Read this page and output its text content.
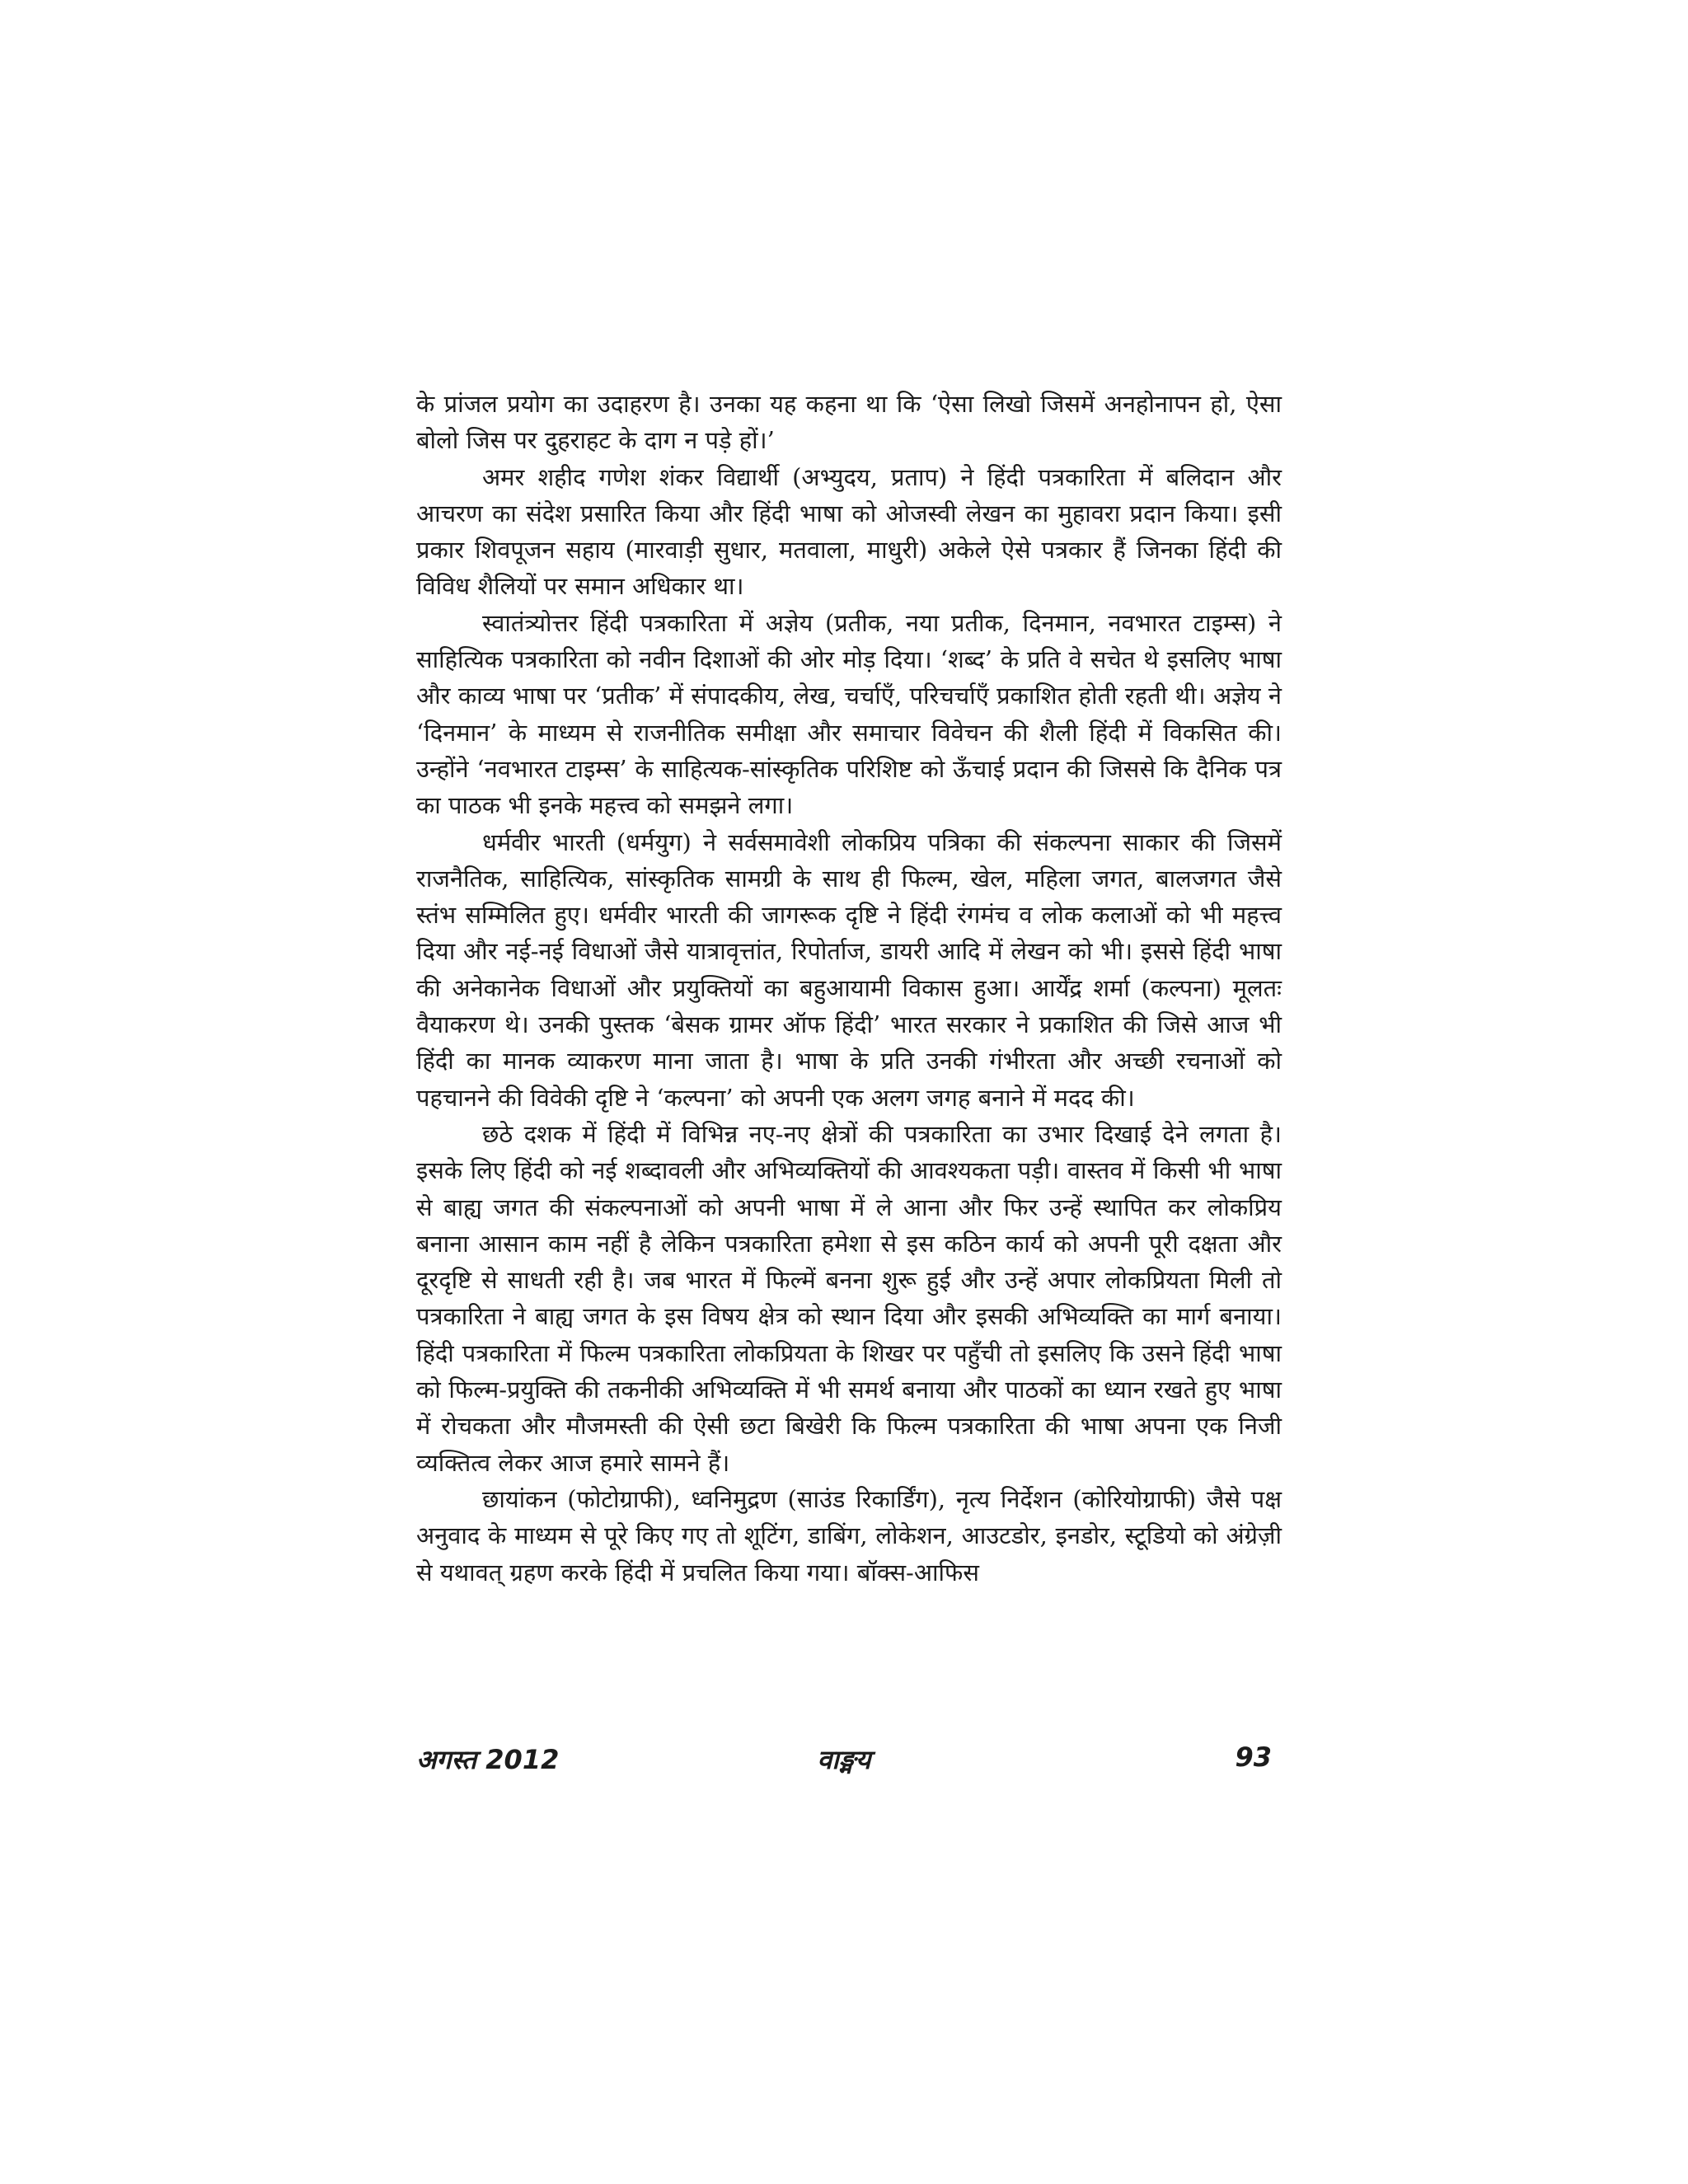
के प्रांजल प्रयोग का उदाहरण है। उनका यह कहना था कि ‘ऐसा लिखो जिसमें अनहोनापन हो, ऐसा बोलो जिस पर दुहराहट के दाग न पड़े हों।’

अमर शहीद गणेश शंकर विद्यार्थी (अभ्युदय, प्रताप) ने हिंदी पत्रकारिता में बलिदान और आचरण का संदेश प्रसारित किया और हिंदी भाषा को ओजस्वी लेखन का मुहावरा प्रदान किया। इसी प्रकार शिवपूजन सहाय (मारवाड़ी सुधार, मतवाला, माधुरी) अकेले ऐसे पत्रकार हैं जिनका हिंदी की विविध शैलियों पर समान अधिकार था।

स्वातंत्र्योत्तर हिंदी पत्रकारिता में अज्ञेय (प्रतीक, नया प्रतीक, दिनमान, नवभारत टाइम्स) ने साहित्यिक पत्रकारिता को नवीन दिशाओं की ओर मोड़ दिया। ‘शब्द’ के प्रति वे सचेत थे इसलिए भाषा और काव्य भाषा पर ‘प्रतीक’ में संपादकीय, लेख, चर्चाएँ, परिचर्चाएँ प्रकाशित होती रहती थी। अज्ञेय ने ‘दिनमान’ के माध्यम से राजनीतिक समीक्षा और समाचार विवेचन की शैली हिंदी में विकसित की। उन्होंने ‘नवभारत टाइम्स’ के साहित्यक-सांस्कृतिक परिशिष्ट को ऊँचाई प्रदान की जिससे कि दैनिक पत्र का पाठक भी इनके महत्त्व को समझने लगा।

धर्मवीर भारती (धर्मयुग) ने सर्वसमावेशी लोकप्रिय पत्रिका की संकल्पना साकार की जिसमें राजनैतिक, साहित्यिक, सांस्कृतिक सामग्री के साथ ही फिल्म, खेल, महिला जगत, बालजगत जैसे स्तंभ सम्मिलित हुए। धर्मवीर भारती की जागरूक दृष्टि ने हिंदी रंगमंच व लोक कलाओं को भी महत्त्व दिया और नई-नई विधाओं जैसे यात्रावृत्तांत, रिपोर्ताज, डायरी आदि में लेखन को भी। इससे हिंदी भाषा की अनेकानेक विधाओं और प्रयुक्तियों का बहुआयामी विकास हुआ। आर्येंद्र शर्मा (कल्पना) मूलतः वैयाकरण थे। उनकी पुस्तक ‘बेसक ग्रामर ऑफ हिंदी’ भारत सरकार ने प्रकाशित की जिसे आज भी हिंदी का मानक व्याकरण माना जाता है। भाषा के प्रति उनकी गंभीरता और अच्छी रचनाओं को पहचानने की विवेकी दृष्टि ने ‘कल्पना’ को अपनी एक अलग जगह बनाने में मदद की।

छठे दशक में हिंदी में विभिन्न नए-नए क्षेत्रों की पत्रकारिता का उभार दिखाई देने लगता है। इसके लिए हिंदी को नई शब्दावली और अभिव्यक्तियों की आवश्यकता पड़ी। वास्तव में किसी भी भाषा से बाह्य जगत की संकल्पनाओं को अपनी भाषा में ले आना और फिर उन्हें स्थापित कर लोकप्रिय बनाना आसान काम नहीं है लेकिन पत्रकारिता हमेशा से इस कठिन कार्य को अपनी पूरी दक्षता और दूरदृष्टि से साधती रही है। जब भारत में फिल्में बनना शुरू हुई और उन्हें अपार लोकप्रियता मिली तो पत्रकारिता ने बाह्य जगत के इस विषय क्षेत्र को स्थान दिया और इसकी अभिव्यक्ति का मार्ग बनाया। हिंदी पत्रकारिता में फिल्म पत्रकारिता लोकप्रियता के शिखर पर पहुँची तो इसलिए कि उसने हिंदी भाषा को फिल्म-प्रयुक्ति की तकनीकी अभिव्यक्ति में भी समर्थ बनाया और पाठकों का ध्यान रखते हुए भाषा में रोचकता और मौजमस्ती की ऐसी छटा बिखेरी कि फिल्म पत्रकारिता की भाषा अपना एक निजी व्यक्तित्व लेकर आज हमारे सामने हैं।

छायांकन (फोटोग्राफी), ध्वनिमुद्रण (साउंड रिकार्डिंग), नृत्य निर्देशन (कोरियोग्राफी) जैसे पक्ष अनुवाद के माध्यम से पूरे किए गए तो शूटिंग, डाबिंग, लोकेशन, आउटडोर, इनडोर, स्टूडियो को अंग्रेज़ी से यथावत् ग्रहण करके हिंदी में प्रचलित किया गया। बॉक्स-आफिस

अगस्त 2012	वाङ्मय	93
